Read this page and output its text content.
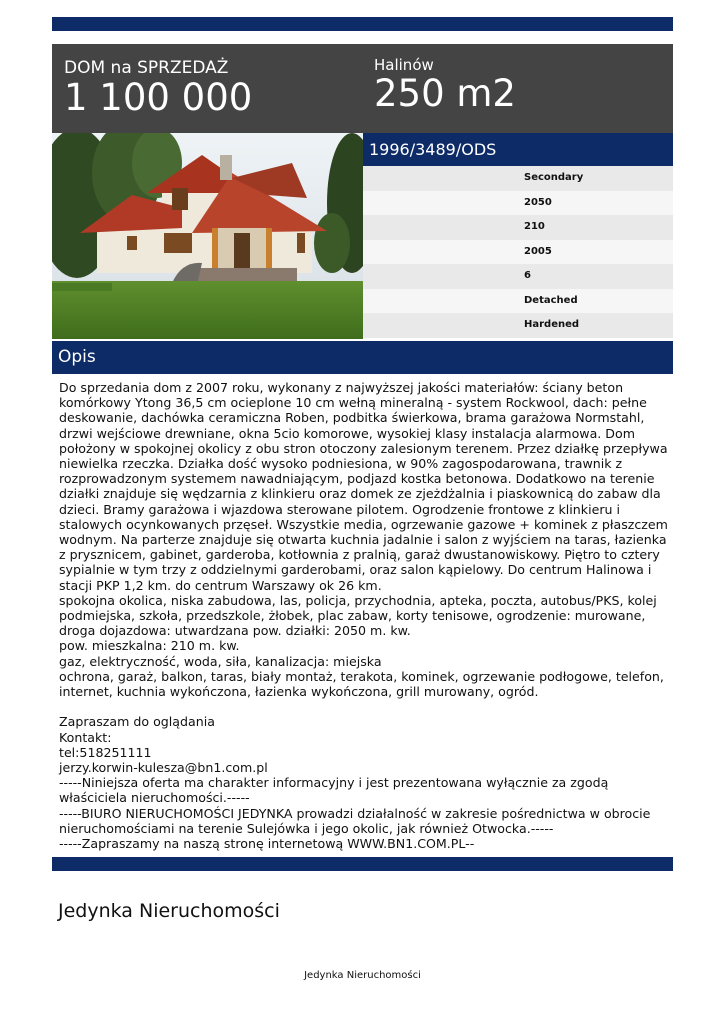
DOM na SPRZEDAŻ
1 100 000
Halinów
250 m2
1996/3489/ODS
Secondary
2050
210
2005
6
Detached
Hardened
Opis

Do sprzedania dom z 2007 roku, wykonany z najwyższej jakości materiałów: ściany beton komórkowy Ytong 36,5 cm ocieplone 10 cm wełną mineralną - system Rockwool, dach: pełne deskowanie, dachówka ceramiczna Roben, podbitka świerkowa, brama garażowa Normstahl, drzwi wejściowe drewniane, okna 5cio komorowe, wysokiej klasy instalacja alarmowa. Dom położony w spokojnej okolicy z obu stron otoczony zalesionym terenem. Przez działkę przepływa niewielka rzeczka. Działka dość wysoko podniesiona, w 90% zagospodarowana, trawnik z rozprowadzonym systemem nawadniającym, podjazd kostka betonowa. Dodatkowo na terenie działki znajduje się wędzarnia z klinkieru oraz domek ze zjeżdżalnia i piaskownicą do zabaw dla dzieci. Bramy garażowa i wjazdowa sterowane pilotem. Ogrodzenie frontowe z klinkieru i stalowych ocynkowanych przęseł. Wszystkie media, ogrzewanie gazowe + kominek z płaszczem wodnym. Na parterze znajduje się otwarta kuchnia jadalnie i salon z wyjściem na taras, łazienka z prysznicem, gabinet, garderoba, kotłownia z pralnią, garaż dwustanowiskowy. Piętro to cztery sypialnie w tym trzy z oddzielnymi garderobami, oraz salon kąpielowy. Do centrum Halinowa i stacji PKP 1,2 km. do centrum Warszawy ok 26 km.

spokojna okolica, niska zabudowa, las, policja, przychodnia, apteka, poczta, autobus/PKS, kolej podmiejska, szkoła, przedszkole, żłobek, plac zabaw, korty tenisowe, ogrodzenie: murowane, droga dojazdowa: utwardzana pow. działki: 2050 m. kw.

pow. mieszkalna: 210 m. kw.

gaz, elektryczność, woda, siła, kanalizacja: miejska

ochrona, garaż, balkon, taras, biały montaż, terakota, kominek, ogrzewanie podłogowe, telefon, internet, kuchnia wykończona, łazienka wykończona, grill murowany, ogród.

Zapraszam do oglądania

Kontakt:

tel:518251111

jerzy.korwin-kulesza@bn1.com.pl

-----Niniejsza oferta ma charakter informacyjny i jest prezentowana wyłącznie za zgodą właściciela nieruchomości.-----

-----BIURO NIERUCHOMOŚCI JEDYNKA prowadzi działalność w zakresie pośrednictwa w obrocie nieruchomościami na terenie Sulejówka i jego okolic, jak również Otwocka.-----

-----Zapraszamy na naszą stronę internetową WWW.BN1.COM.PL--

Jedynka Nieruchomości
Jedynka Nieruchomości
